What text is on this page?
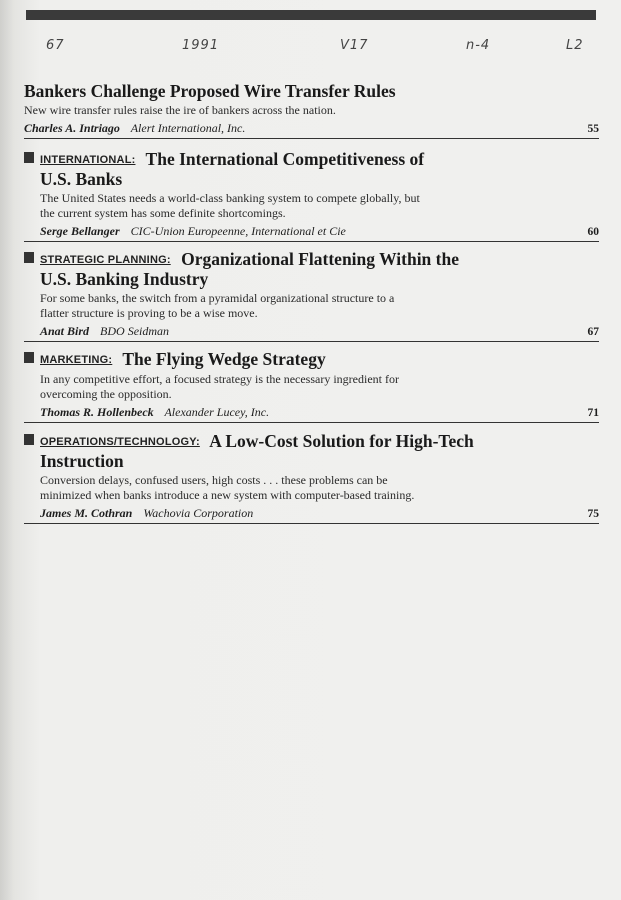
67	1991	V17	n-4	L2
Bankers Challenge Proposed Wire Transfer Rules
New wire transfer rules raise the ire of bankers across the nation.
Charles A. Intriago Alert International, Inc.	55
INTERNATIONAL: The International Competitiveness of
U.S. Banks
The United States needs a world-class banking system to compete globally, but
the current system has some definite shortcomings.
Serge Bellanger CIC-Union Europeenne, International et Cie	60
STRATEGIC PLANNING: Organizational Flattening Within the
U.S. Banking Industry
For some banks, the switch from a pyramidal organizational structure to a
flatter structure is proving to be a wise move.
Anat Bird BDO Seidman	67
MARKETING: The Flying Wedge Strategy
In any competitive effort, a focused strategy is the necessary ingredient for
overcoming the opposition.
Thomas R. Hollenbeck Alexander Lucey, Inc.	71
OPERATIONS/TECHNOLOGY: A Low-Cost Solution for High-Tech
Instruction
Conversion delays, confused users, high costs . . . these problems can be
minimized when banks introduce a new system with computer-based training.
James M. Cothran Wachovia Corporation	75
